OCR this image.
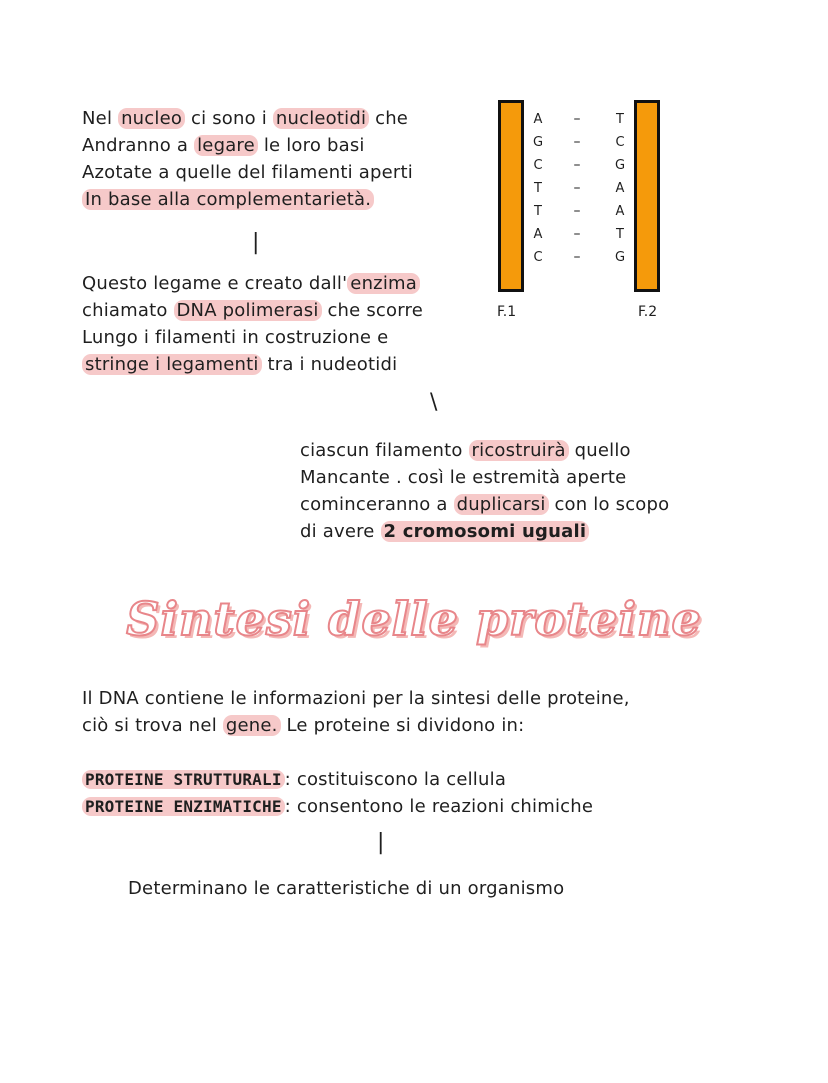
Nel nucleo ci sono i nucleotidi che
Andranno a legare le loro basi
Azotate a quelle del filamenti aperti
In base alla complementarietà.
|
Questo legame e creato dall' enzima
chiamato DNA polimerasi che scorre
Lungo i filamenti in costruzione e
stringe i legamenti tra i nudeotidi
A
G
C
T
T
A
C
T
C
G
A
A
T
G
–
–
–
–
–
–
–
F.1	F.2
\
ciascun filamento ricostruirà quello
Mancante . così le estremità aperte
cominceranno a duplicarsi con lo scopo
di avere 2 cromosomi uguali
Sintesi delle proteine
Il DNA contiene le informazioni per la sintesi delle proteine,
ciò si trova nel gene. Le proteine si dividono in:
PROTEINE STRUTTURALI : costituiscono la cellula
PROTEINE ENZIMATICHE : consentono le reazioni chimiche
|
Determinano le caratteristiche di un organismo
